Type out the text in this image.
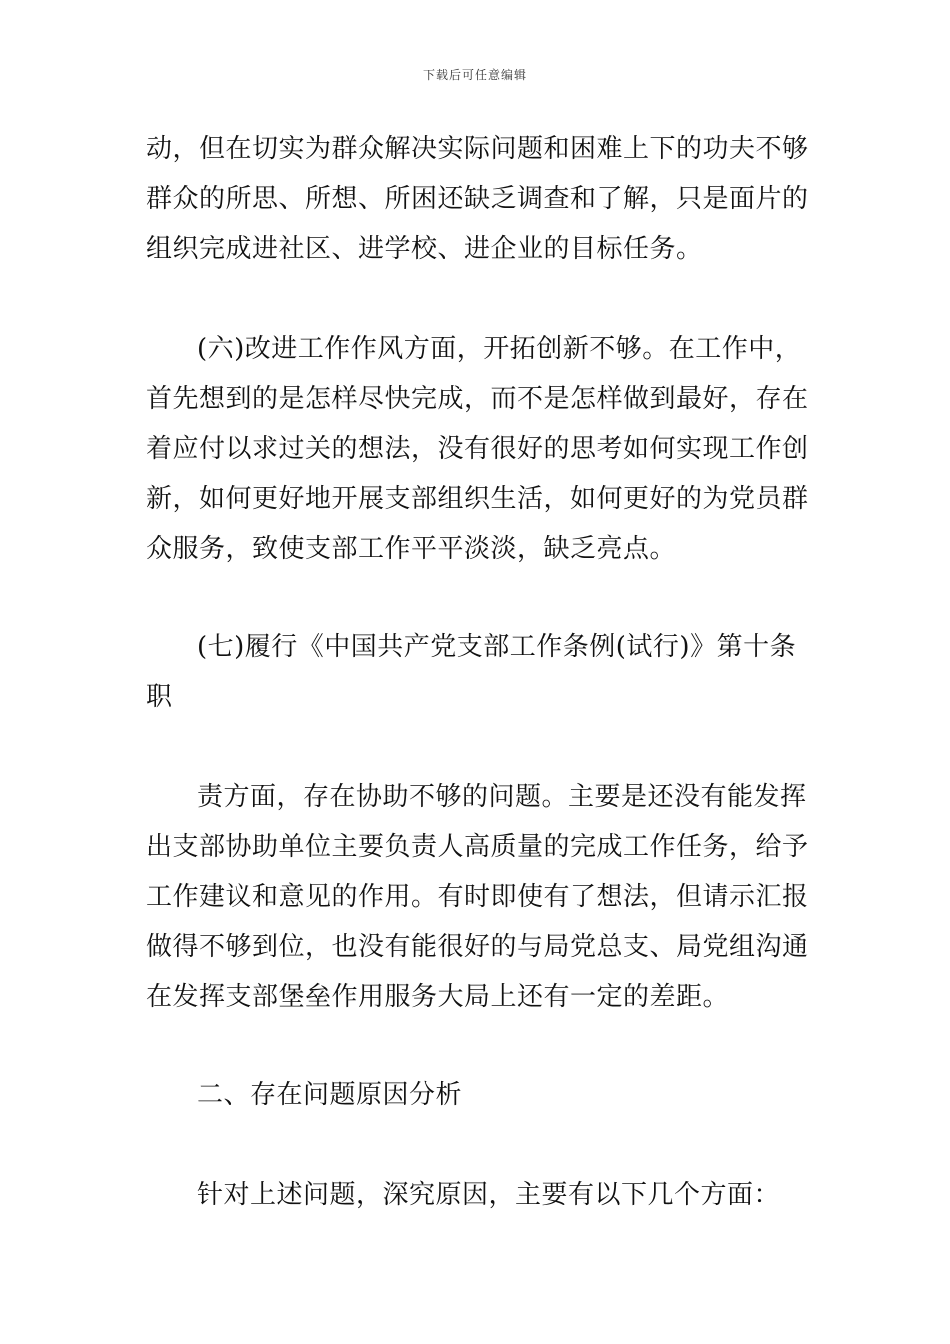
下载后可任意编辑
动，但在切实为群众解决实际问题和困难上下的功夫不够
群众的所思、所想、所困还缺乏调查和了解，只是面片的
组织完成进社区、进学校、进企业的目标任务。
(六)改进工作作风方面，开拓创新不够。在工作中，
首先想到的是怎样尽快完成，而不是怎样做到最好，存在
着应付以求过关的想法，没有很好的思考如何实现工作创
新，如何更好地开展支部组织生活，如何更好的为党员群
众服务，致使支部工作平平淡淡，缺乏亮点。
(七)履行《中国共产党支部工作条例(试行)》第十条
职
责方面，存在协助不够的问题。主要是还没有能发挥
出支部协助单位主要负责人高质量的完成工作任务，给予
工作建议和意见的作用。有时即使有了想法，但请示汇报
做得不够到位，也没有能很好的与局党总支、局党组沟通
在发挥支部堡垒作用服务大局上还有一定的差距。
二、存在问题原因分析
针对上述问题，深究原因，主要有以下几个方面：
